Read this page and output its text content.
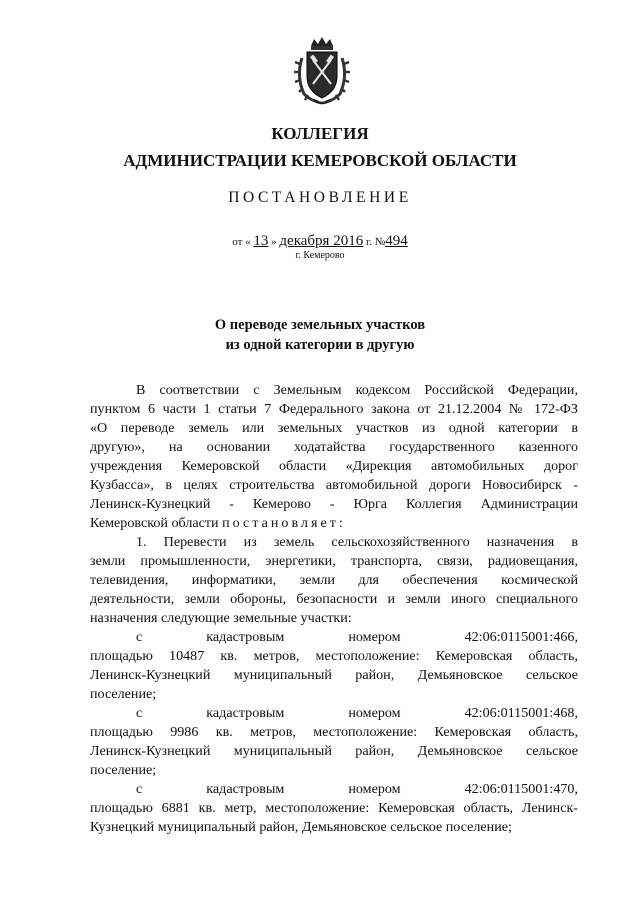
КОЛЛЕГИЯ
АДМИНИСТРАЦИИ КЕМЕРОВСКОЙ ОБЛАСТИ
ПОСТАНОВЛЕНИЕ
от « 13 » декабря 2016 г. №494
г. Кемерово
О переводе земельных участков
из одной категории в другую
В соответствии с Земельным кодексом Российской Федерации,
пунктом 6 части 1 статьи 7 Федерального закона от 21.12.2004 № 172-ФЗ
«О переводе земель или земельных участков из одной категории в
другую», на основании ходатайства государственного казенного
учреждения Кемеровской области «Дирекция автомобильных дорог
Кузбасса», в целях строительства автомобильной дороги Новосибирск -
Ленинск-Кузнецкий - Кемерово - Юрга Коллегия Администрации
Кемеровской области постановляет:
1. Перевести из земель сельскохозяйственного назначения в
земли промышленности, энергетики, транспорта, связи, радиовещания,
телевидения, информатики, земли для обеспечения космической
деятельности, земли обороны, безопасности и земли иного специального
назначения следующие земельные участки:
с кадастровым номером 42:06:0115001:466,
площадью 10487 кв. метров, местоположение: Кемеровская область,
Ленинск-Кузнецкий муниципальный район, Демьяновское сельское
поселение;
с кадастровым номером 42:06:0115001:468,
площадью 9986 кв. метров, местоположение: Кемеровская область,
Ленинск-Кузнецкий муниципальный район, Демьяновское сельское
поселение;
с кадастровым номером 42:06:0115001:470,
площадью 6881 кв. метр, местоположение: Кемеровская область, Ленинск-
Кузнецкий муниципальный район, Демьяновское сельское поселение;
